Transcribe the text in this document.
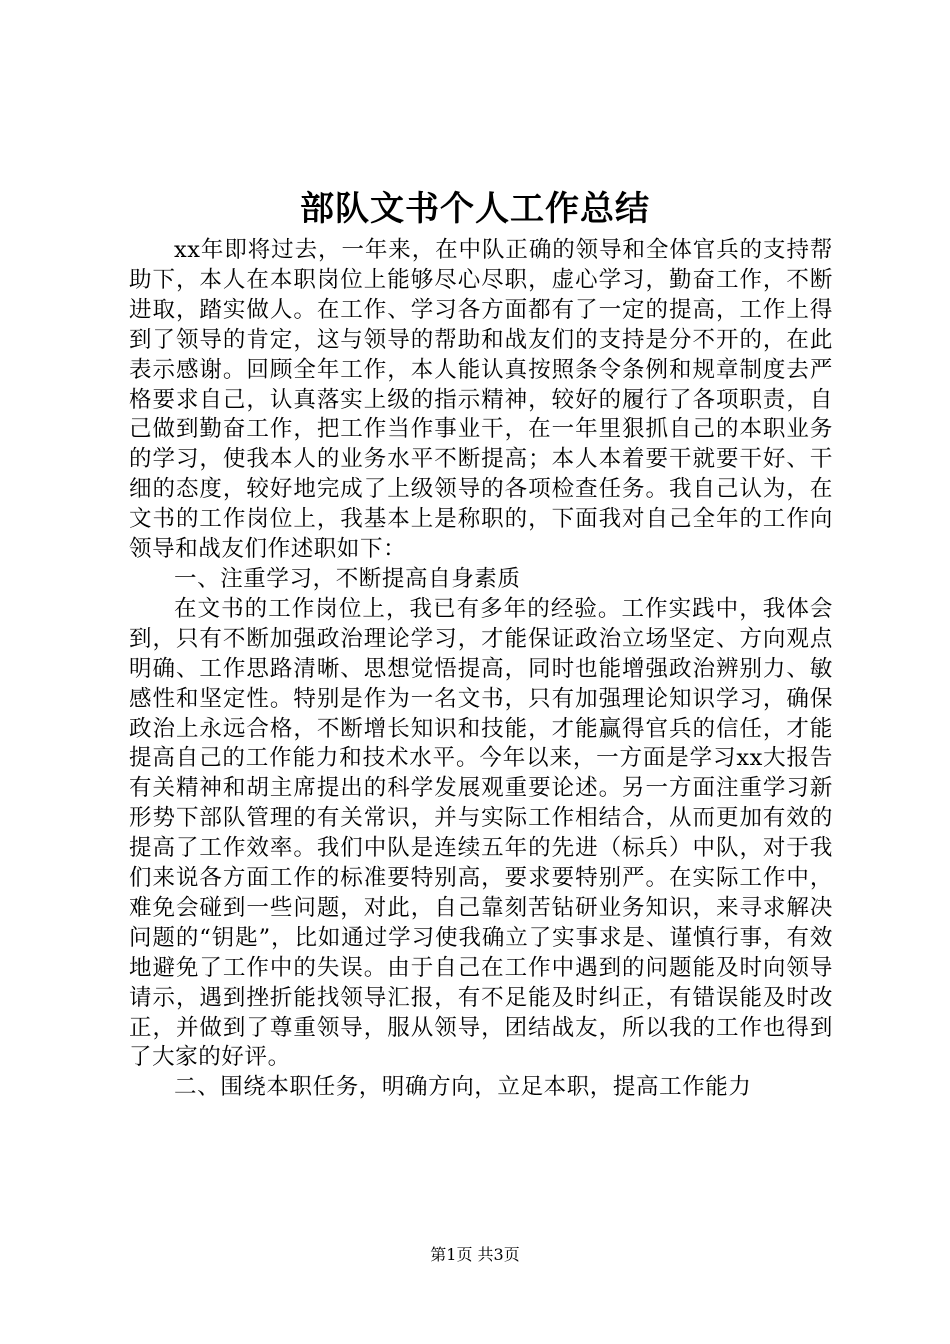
部队文书个人工作总结

xx年即将过去，一年来，在中队正确的领导和全体官兵的支持帮助下，本人在本职岗位上能够尽心尽职，虚心学习，勤奋工作，不断进取，踏实做人。在工作、学习各方面都有了一定的提高，工作上得到了领导的肯定，这与领导的帮助和战友们的支持是分不开的，在此表示感谢。回顾全年工作，本人能认真按照条令条例和规章制度去严格要求自己，认真落实上级的指示精神，较好的履行了各项职责，自己做到勤奋工作，把工作当作事业干，在一年里狠抓自己的本职业务的学习，使我本人的业务水平不断提高；本人本着要干就要干好、干细的态度，较好地完成了上级领导的各项检查任务。我自己认为，在文书的工作岗位上，我基本上是称职的，下面我对自己全年的工作向领导和战友们作述职如下：

一、注重学习，不断提高自身素质

在文书的工作岗位上，我已有多年的经验。工作实践中，我体会到，只有不断加强政治理论学习，才能保证政治立场坚定、方向观点明确、工作思路清晰、思想觉悟提高，同时也能增强政治辨别力、敏感性和坚定性。特别是作为一名文书，只有加强理论知识学习，确保政治上永远合格，不断增长知识和技能，才能赢得官兵的信任，才能提高自己的工作能力和技术水平。今年以来，一方面是学习xx大报告有关精神和胡主席提出的科学发展观重要论述。另一方面注重学习新形势下部队管理的有关常识，并与实际工作相结合，从而更加有效的提高了工作效率。我们中队是连续五年的先进（标兵）中队，对于我们来说各方面工作的标准要特别高，要求要特别严。在实际工作中，难免会碰到一些问题，对此，自己靠刻苦钻研业务知识，来寻求解决问题的“钥匙”，比如通过学习使我确立了实事求是、谨慎行事，有效地避免了工作中的失误。由于自己在工作中遇到的问题能及时向领导请示，遇到挫折能找领导汇报，有不足能及时纠正，有错误能及时改正，并做到了尊重领导，服从领导，团结战友，所以我的工作也得到了大家的好评。

二、围绕本职任务，明确方向，立足本职，提高工作能力

第1页 共3页
